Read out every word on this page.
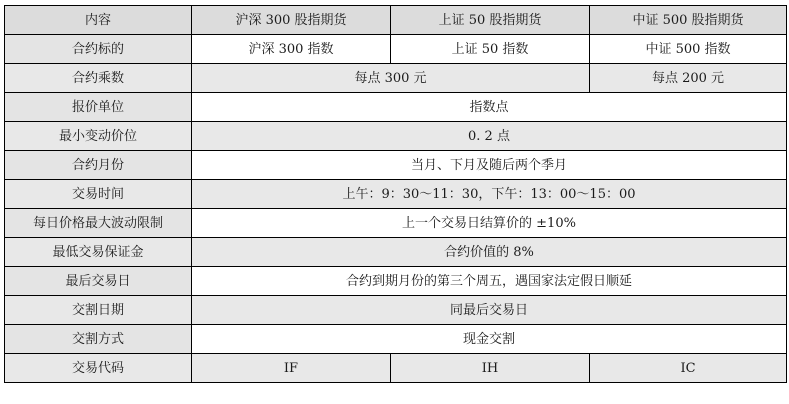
内容	沪深 300 股指期货	上证 50 股指期货	中证 500 股指期货
合约标的	沪深 300 指数	上证 50 指数	中证 500 指数
合约乘数	每点 300 元		每点 200 元
报价单位	指数点		
最小变动价位	0. 2 点		
合约月份	当月、下月及随后两个季月		
交易时间	上午：9：30～11：30，下午：13：00～15：00		
每日价格最大波动限制	上一个交易日结算价的 ±10%		
最低交易保证金	合约价值的 8%		
最后交易日	合约到期月份的第三个周五，遇国家法定假日顺延		
交割日期	同最后交易日		
交割方式	现金交割		
交易代码	IF	IH	IC
